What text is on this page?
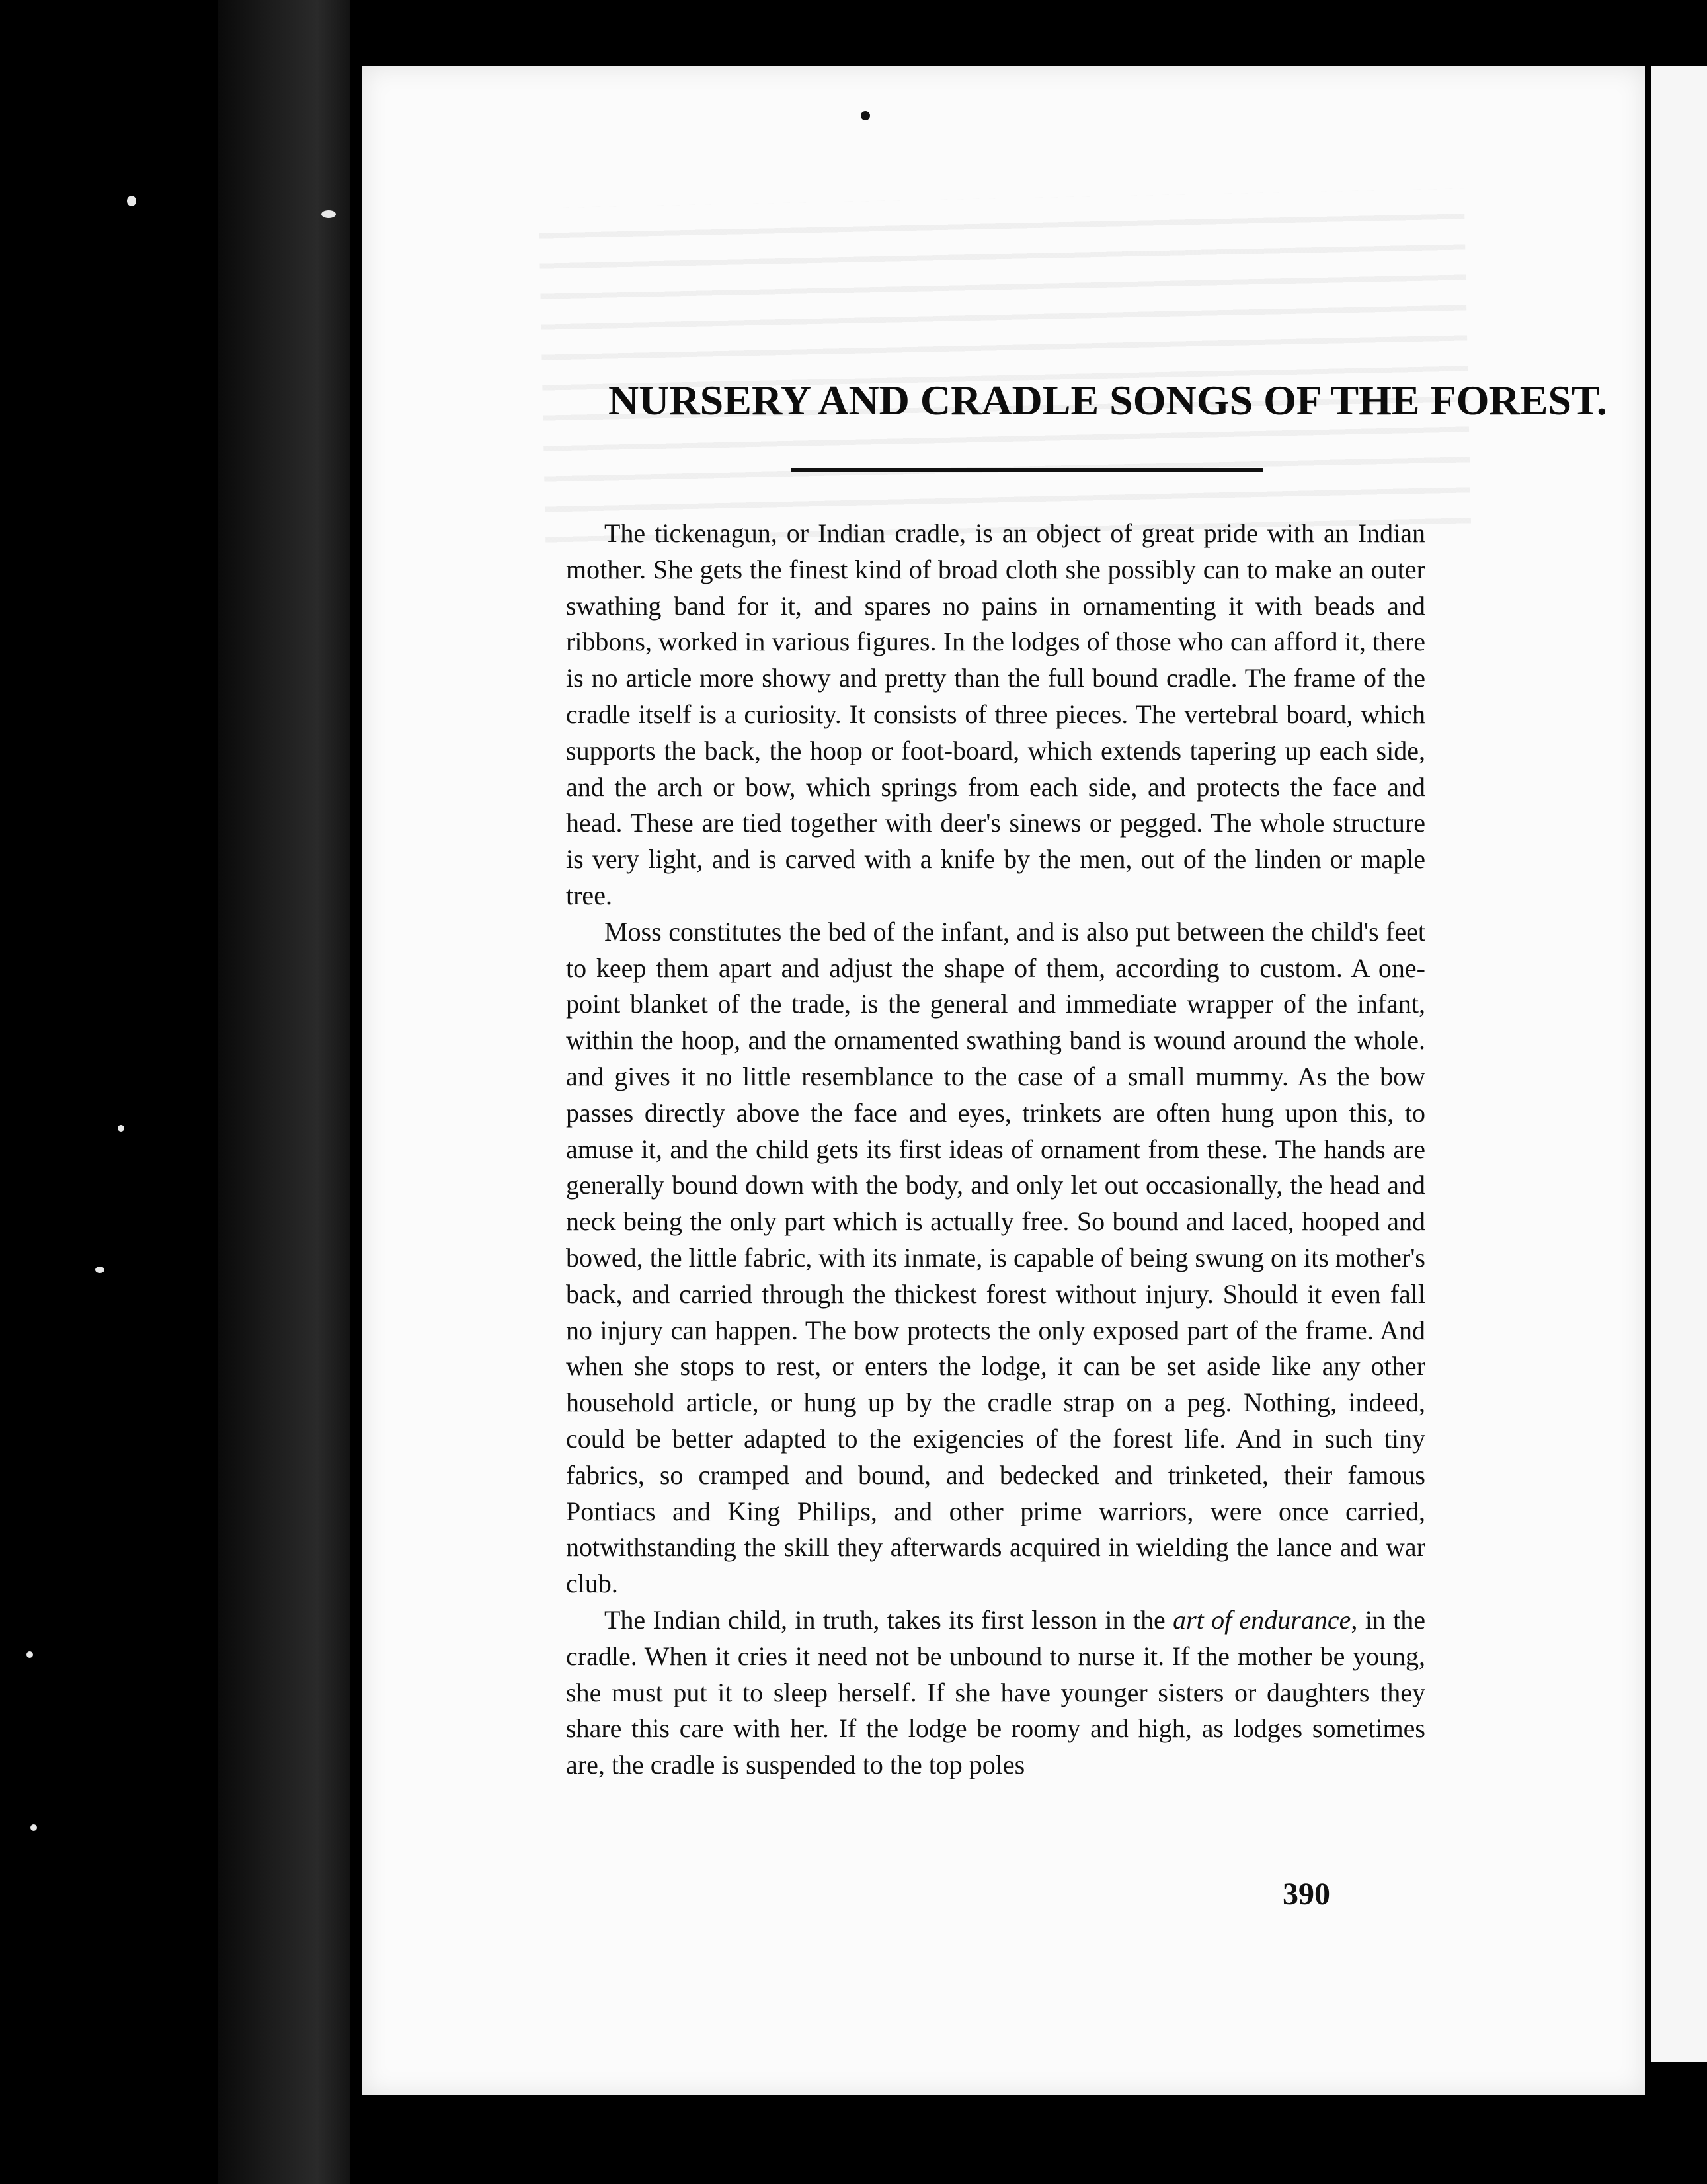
NURSERY AND CRADLE SONGS OF THE FOREST.

The tickenagun, or Indian cradle, is an object of great pride with an Indian mother. She gets the finest kind of broad cloth she possibly can to make an outer swathing band for it, and spares no pains in ornamenting it with beads and ribbons, worked in various figures. In the lodges of those who can afford it, there is no article more showy and pretty than the full bound cradle. The frame of the cradle itself is a curiosity. It consists of three pieces. The vertebral board, which supports the back, the hoop or foot-board, which extends tapering up each side, and the arch or bow, which springs from each side, and protects the face and head. These are tied together with deer's sinews or pegged. The whole structure is very light, and is carved with a knife by the men, out of the linden or maple tree.

Moss constitutes the bed of the infant, and is also put between the child's feet to keep them apart and adjust the shape of them, according to custom. A one-point blanket of the trade, is the general and immediate wrapper of the infant, within the hoop, and the ornamented swathing band is wound around the whole. and gives it no little resemblance to the case of a small mummy. As the bow passes directly above the face and eyes, trinkets are often hung upon this, to amuse it, and the child gets its first ideas of ornament from these. The hands are generally bound down with the body, and only let out occasionally, the head and neck being the only part which is actually free. So bound and laced, hooped and bowed, the little fabric, with its inmate, is capable of being swung on its mother's back, and carried through the thickest forest without injury. Should it even fall no injury can happen. The bow protects the only exposed part of the frame. And when she stops to rest, or enters the lodge, it can be set aside like any other household article, or hung up by the cradle strap on a peg. Nothing, indeed, could be better adapted to the exigencies of the forest life. And in such tiny fabrics, so cramped and bound, and bedecked and trinketed, their famous Pontiacs and King Philips, and other prime warriors, were once carried, notwithstanding the skill they afterwards acquired in wielding the lance and war club.

The Indian child, in truth, takes its first lesson in the art of endurance, in the cradle. When it cries it need not be unbound to nurse it. If the mother be young, she must put it to sleep herself. If she have younger sisters or daughters they share this care with her. If the lodge be roomy and high, as lodges sometimes are, the cradle is suspended to the top poles

390
